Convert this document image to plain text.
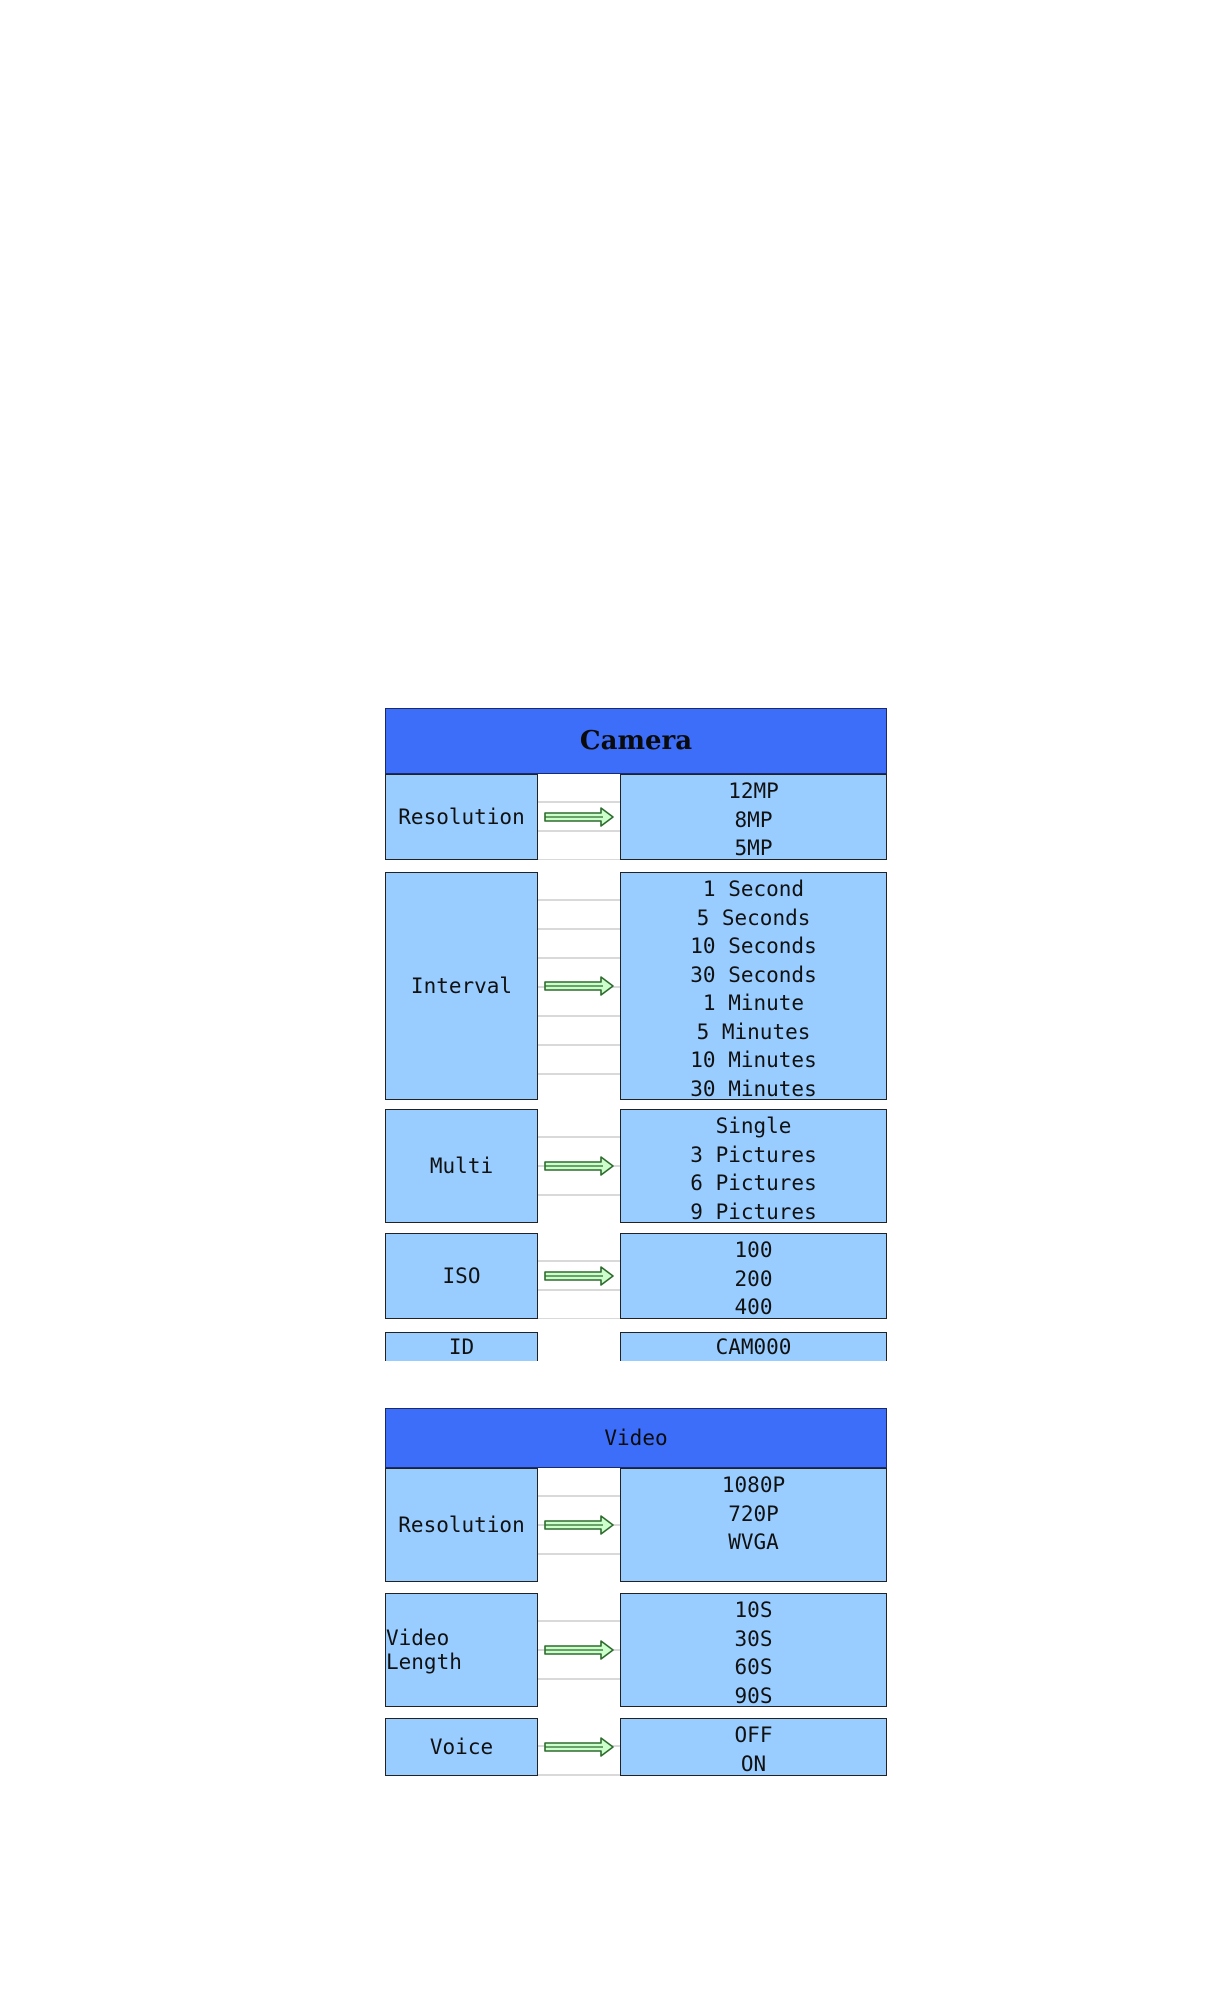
Camera
Resolution
12MP
8MP
5MP
Interval
1 Second
5 Seconds
10 Seconds
30 Seconds
1 Minute
5 Minutes
10 Minutes
30 Minutes
Multi
Single
3 Pictures
6 Pictures
9 Pictures
ISO
100
200
400
ID	CAM000
Video
Resolution
1080P
720P
WVGA
Video Length
10S
30S
60S
90S
Voice	OFF
ON
